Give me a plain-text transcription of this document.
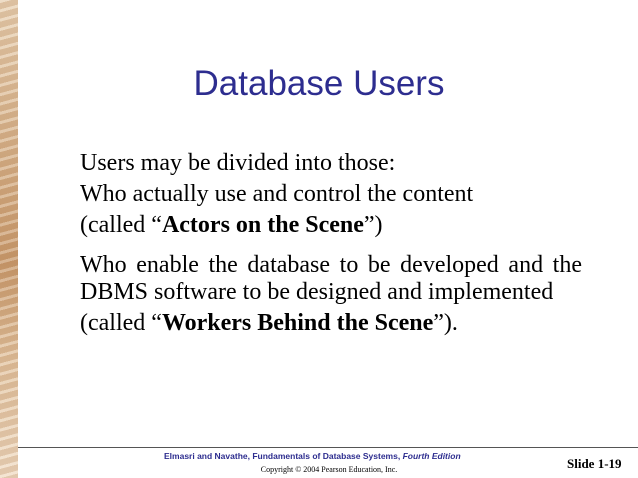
Database Users

Users may be divided into those:

Who actually use and control the content

(called “Actors on the Scene”)

Who enable the database to be developed and the DBMS software to be designed and implemented

(called “Workers Behind the Scene”).

Elmasri and Navathe, Fundamentals of Database Systems, Fourth Edition
Copyright © 2004 Pearson Education, Inc.	Slide 1-19
